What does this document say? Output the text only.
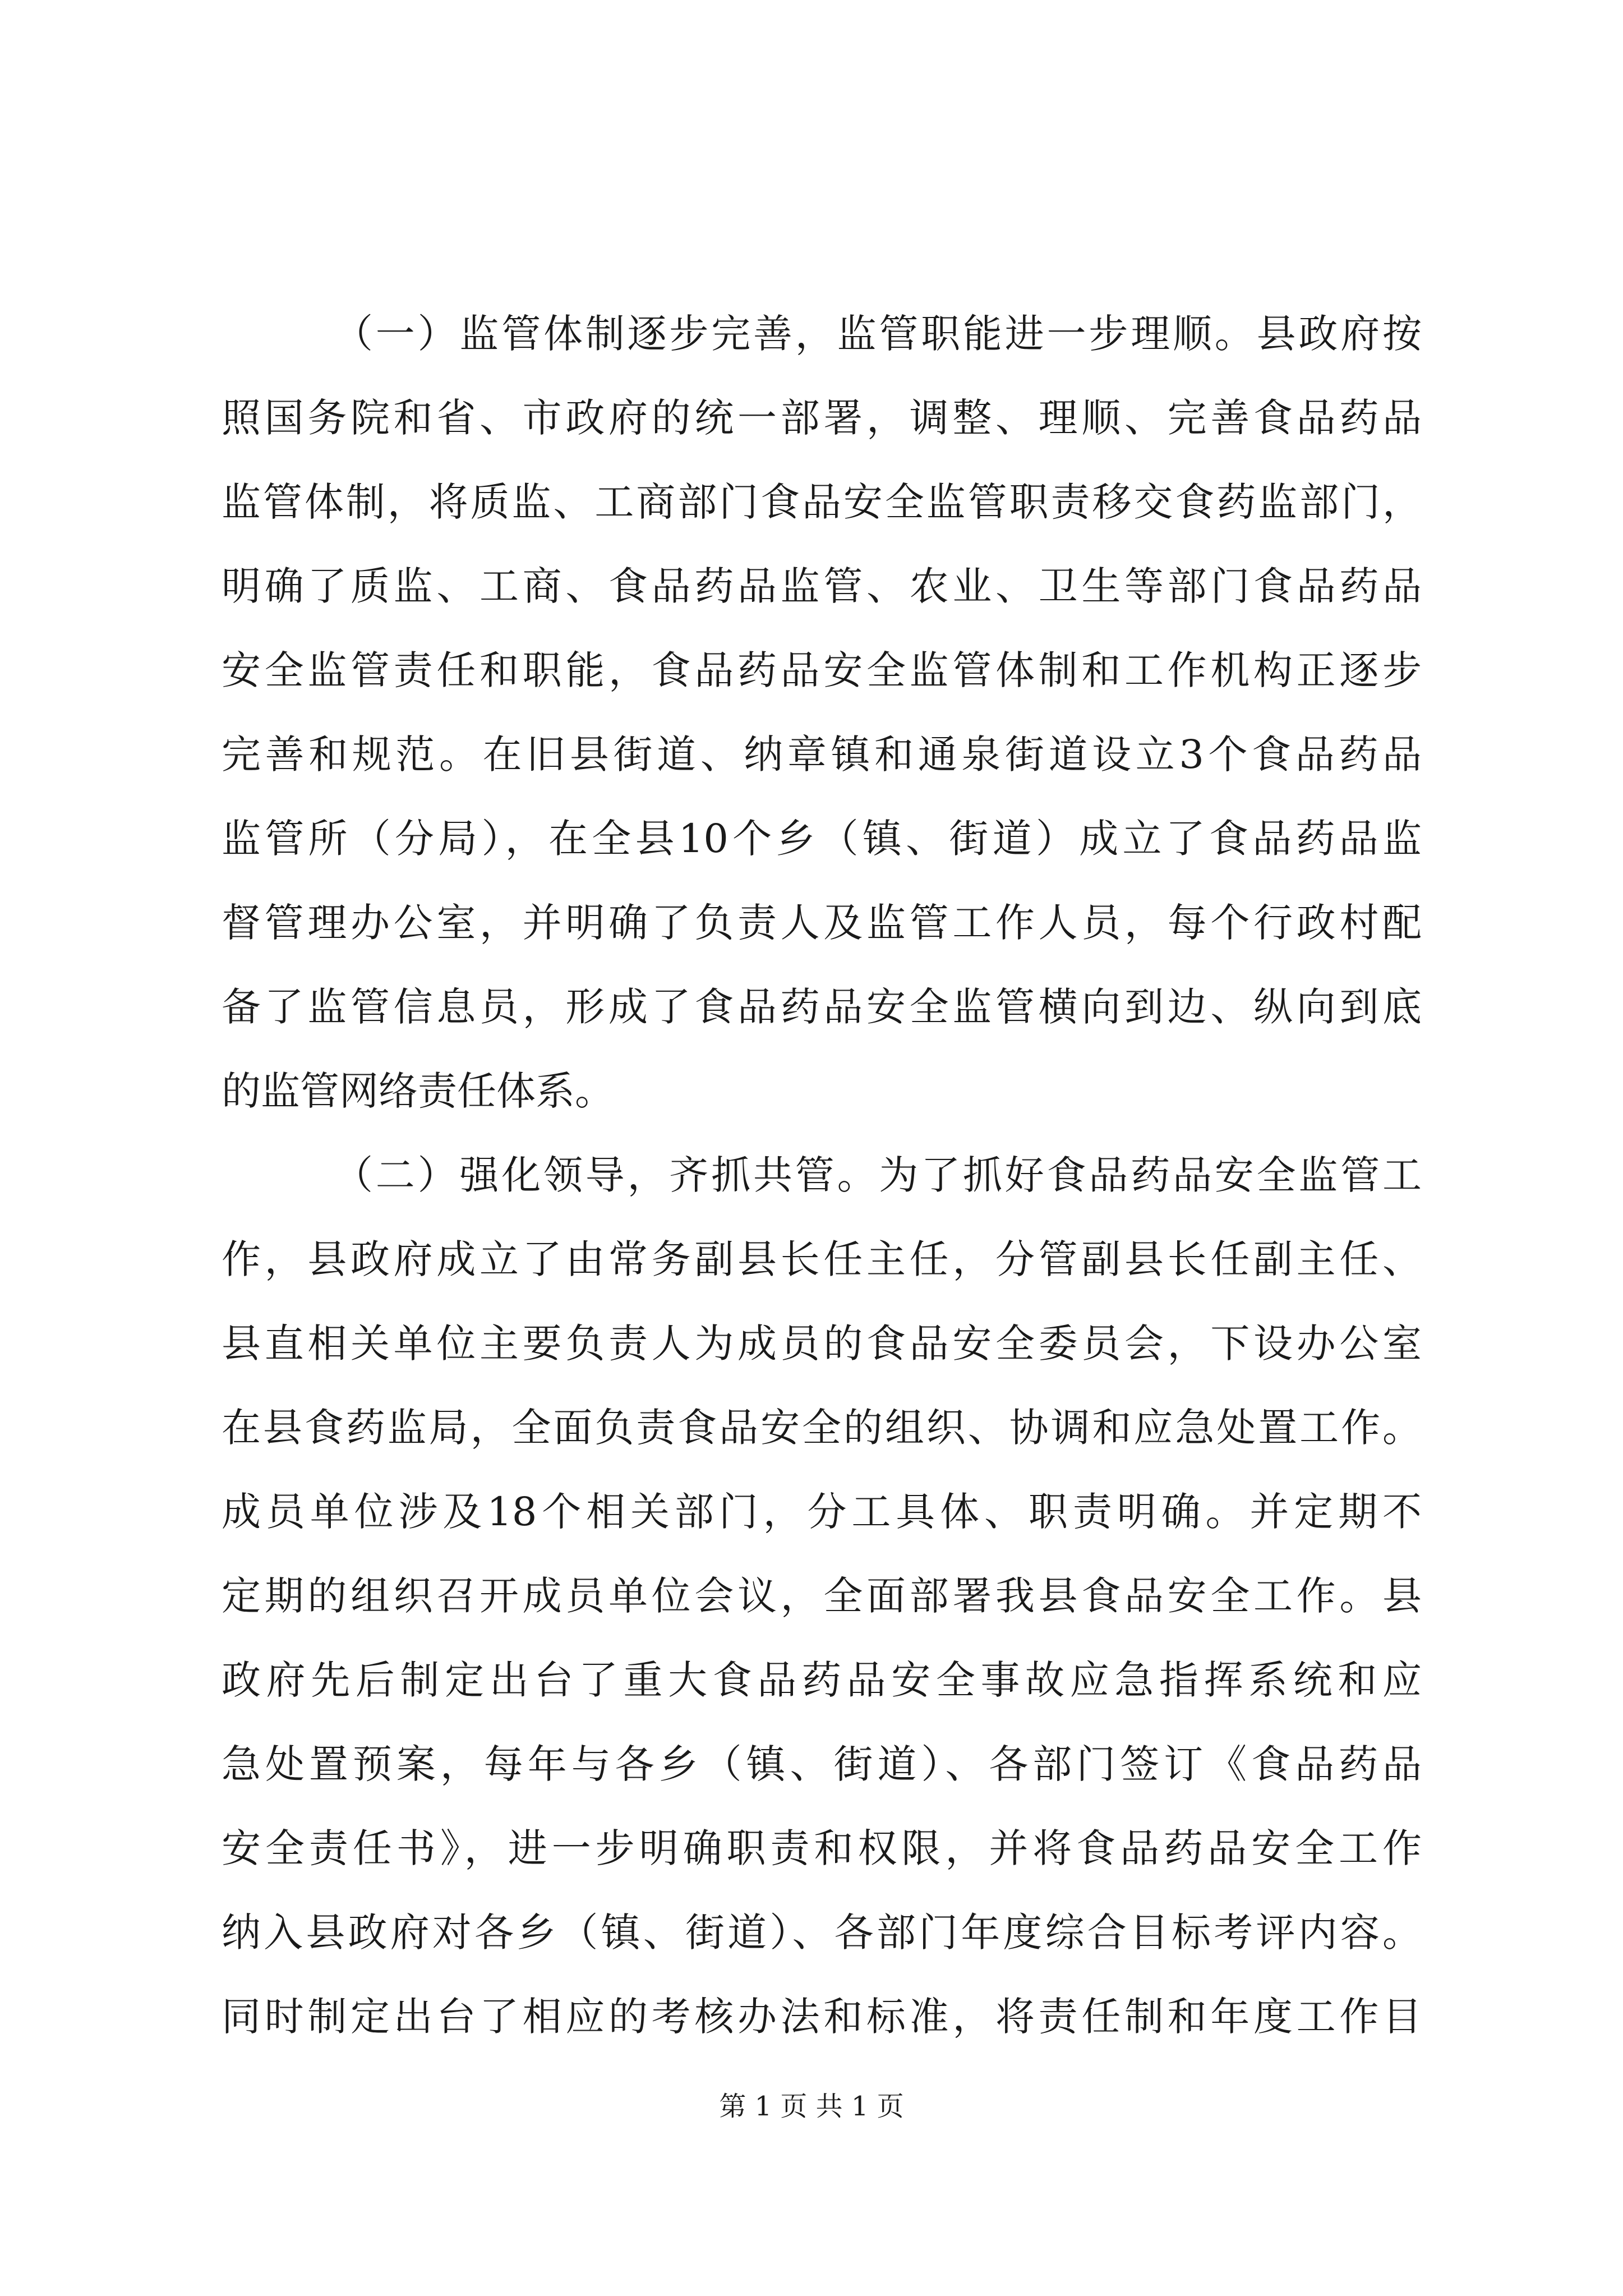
（一）监管体制逐步完善，监管职能进一步理顺。县政府按
照国务院和省、市政府的统一部署，调整、理顺、完善食品药品
监管体制，将质监、工商部门食品安全监管职责移交食药监部门，
明确了质监、工商、食品药品监管、农业、卫生等部门食品药品
安全监管责任和职能，食品药品安全监管体制和工作机构正逐步
完善和规范。在旧县街道、纳章镇和通泉街道设立3个食品药品
监管所（分局），在全县10个乡（镇、街道）成立了食品药品监
督管理办公室，并明确了负责人及监管工作人员，每个行政村配
备了监管信息员，形成了食品药品安全监管横向到边、纵向到底
的监管网络责任体系。
（二）强化领导，齐抓共管。为了抓好食品药品安全监管工
作，县政府成立了由常务副县长任主任，分管副县长任副主任、
县直相关单位主要负责人为成员的食品安全委员会，下设办公室
在县食药监局，全面负责食品安全的组织、协调和应急处置工作。
成员单位涉及18个相关部门，分工具体、职责明确。并定期不
定期的组织召开成员单位会议，全面部署我县食品安全工作。县
政府先后制定出台了重大食品药品安全事故应急指挥系统和应
急处置预案，每年与各乡（镇、街道）、各部门签订《食品药品
安全责任书》，进一步明确职责和权限，并将食品药品安全工作
纳入县政府对各乡（镇、街道）、各部门年度综合目标考评内容。
同时制定出台了相应的考核办法和标准，将责任制和年度工作目
第 1 页 共 1 页
